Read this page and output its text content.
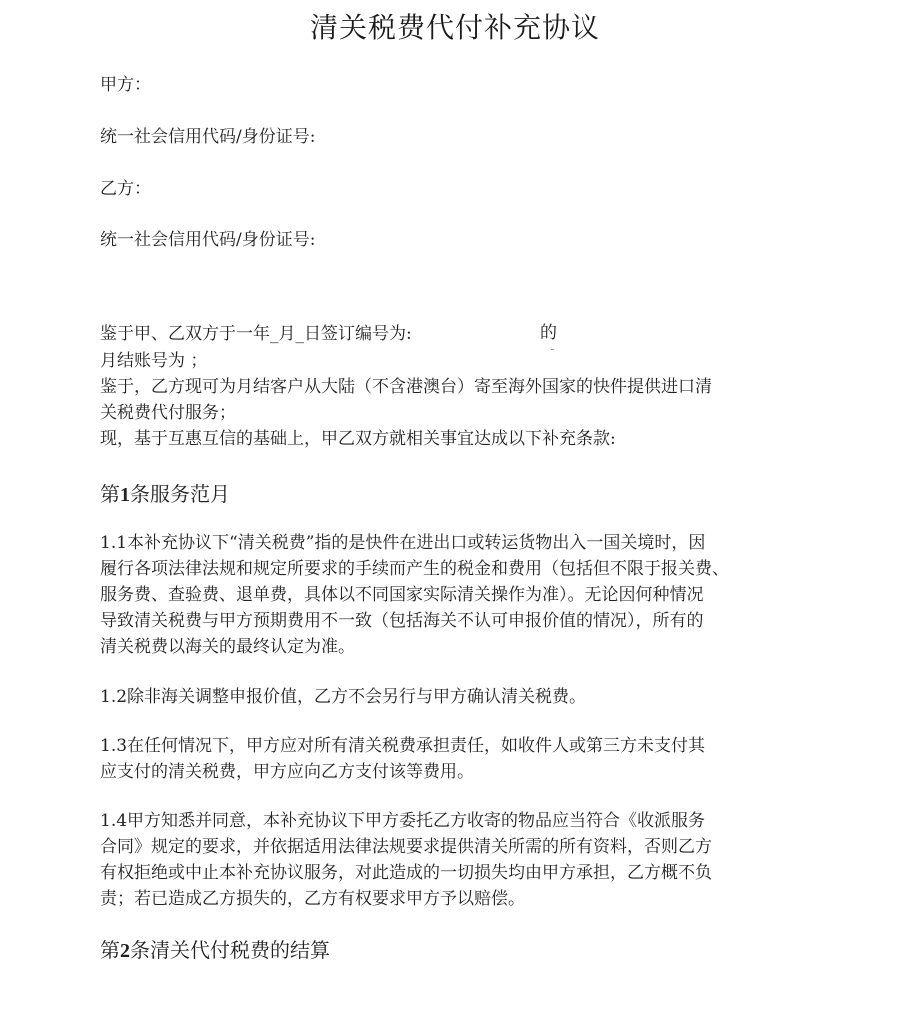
清关税费代付补充协议
甲方：
统一社会信用代码/身份证号:
乙方：
统一社会信用代码/身份证号:
鉴于甲、乙双方于一年_月_日签订编号为:	的
月结账号为 ；
鉴于，乙方现可为月结客户从大陆（不含港澳台）寄至海外国家的快件提供进口清
关税费代付服务；
现，基于互惠互信的基础上，甲乙双方就相关事宜达成以下补充条款:
第1条服务范月
1.1本补充协议下“清关税费”指的是快件在进出口或转运货物出入一国关境时，因
履行各项法律法规和规定所要求的手续而产生的税金和费用（包括但不限于报关费、
服务费、查验费、退单费，具体以不同国家实际清关操作为准）。无论因何种情况
导致清关税费与甲方预期费用不一致（包括海关不认可申报价值的情况），所有的
清关税费以海关的最终认定为准。
1.2除非海关调整申报价值，乙方不会另行与甲方确认清关税费。
1.3在任何情况下，甲方应对所有清关税费承担责任，如收件人或第三方未支付其
应支付的清关税费，甲方应向乙方支付该等费用。
1.4甲方知悉并同意，本补充协议下甲方委托乙方收寄的物品应当符合《收派服务
合同》规定的要求，并依据适用法律法规要求提供清关所需的所有资料，否则乙方
有权拒绝或中止本补充协议服务，对此造成的一切损失均由甲方承担，乙方概不负
责；若已造成乙方损失的，乙方有权要求甲方予以赔偿。
第2条清关代付税费的结算
